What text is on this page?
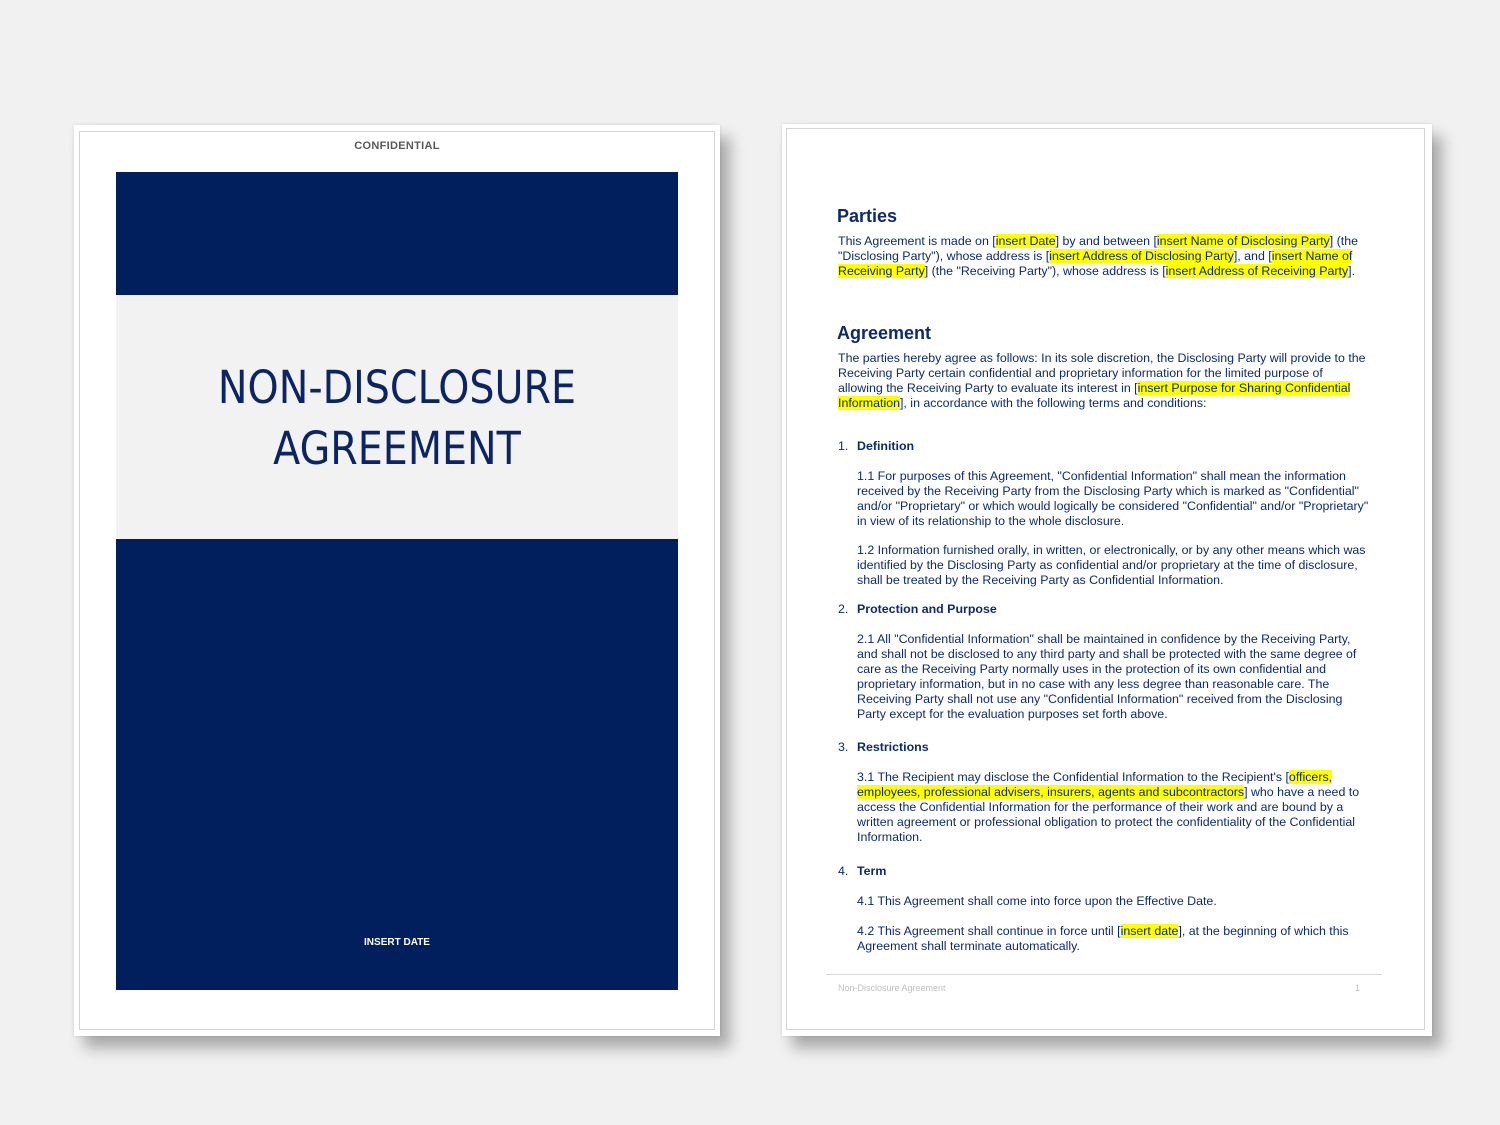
CONFIDENTIAL
NON-DISCLOSURE
AGREEMENT
INSERT DATE
Parties
This Agreement is made on [insert Date] by and between [insert Name of Disclosing Party] (the "Disclosing Party"), whose address is [insert Address of Disclosing Party], and [insert Name of Receiving Party] (the "Receiving Party"), whose address is [insert Address of Receiving Party].
Agreement
The parties hereby agree as follows: In its sole discretion, the Disclosing Party will provide to the Receiving Party certain confidential and proprietary information for the limited purpose of allowing the Receiving Party to evaluate its interest in [insert Purpose for Sharing Confidential Information], in accordance with the following terms and conditions:
1. Definition
1.1 For purposes of this Agreement, "Confidential Information" shall mean the information received by the Receiving Party from the Disclosing Party which is marked as "Confidential" and/or "Proprietary" or which would logically be considered "Confidential" and/or "Proprietary" in view of its relationship to the whole disclosure.
1.2 Information furnished orally, in written, or electronically, or by any other means which was identified by the Disclosing Party as confidential and/or proprietary at the time of disclosure, shall be treated by the Receiving Party as Confidential Information.
2. Protection and Purpose
2.1 All "Confidential Information" shall be maintained in confidence by the Receiving Party, and shall not be disclosed to any third party and shall be protected with the same degree of care as the Receiving Party normally uses in the protection of its own confidential and proprietary information, but in no case with any less degree than reasonable care. The Receiving Party shall not use any "Confidential Information" received from the Disclosing Party except for the evaluation purposes set forth above.
3. Restrictions
3.1 The Recipient may disclose the Confidential Information to the Recipient's [officers, employees, professional advisers, insurers, agents and subcontractors] who have a need to access the Confidential Information for the performance of their work and are bound by a written agreement or professional obligation to protect the confidentiality of the Confidential Information.
4. Term
4.1 This Agreement shall come into force upon the Effective Date.
4.2 This Agreement shall continue in force until [insert date], at the beginning of which this Agreement shall terminate automatically.
Non-Disclosure Agreement	1
